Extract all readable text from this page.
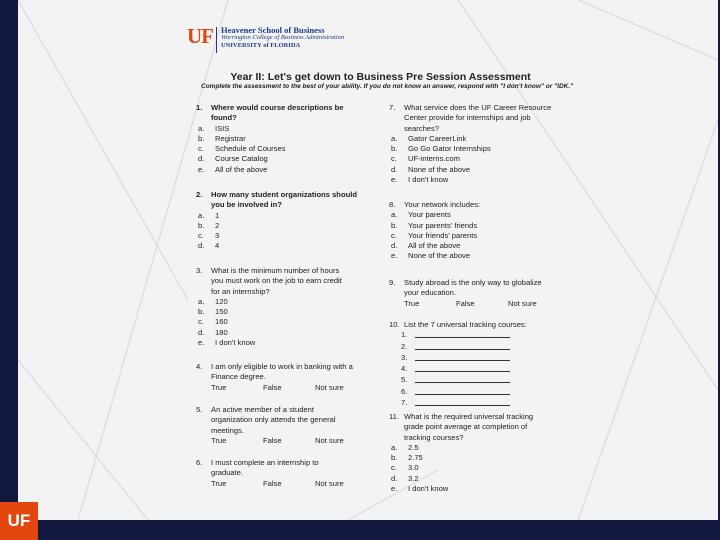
UF Heavener School of Business
Warrington College of Business Administration
UNIVERSITY of FLORIDA
Year II: Let's get down to Business Pre Session Assessment
Complete the assessment to the best of your ability. If you do not know an answer, respond with "I don't know" or "IDK."
1. Where would course descriptions be
found?
a. ISIS
b. Registrar
c. Schedule of Courses
d. Course Catalog
e. All of the above
2. How many student organizations should
you be involved in?
a. 1
b. 2
c. 3
d. 4
3. What is the minimum number of hours
you must work on the job to earn credit
for an internship?
a. 120
b. 150
c. 160
d. 180
e. I don't know
4. I am only eligible to work in banking with a
Finance degree.
True	False	Not sure
5. An active member of a student
organization only attends the general
meetings.
True	False	Not sure
6. I must complete an internship to
graduate.
True	False	Not sure
7. What service does the UF Career Resource
Center provide for internships and job
searches?
a. Gator CareerLink
b. Go Go Gator Internships
c. UF-interns.com
d. None of the above
e. I don't know
8. Your network includes:
a. Your parents
b. Your parents' friends
c. Your friends' parents
d. All of the above
e. None of the above
9. Study abroad is the only way to globalize
your education.
True	False	Not sure
10. List the 7 universal tracking courses:
1.
2.
3.
4.
5.
6.
7.
11. What is the required universal tracking
grade point average at completion of
tracking courses?
a. 2.5
b. 2.75
c. 3.0
d. 3.2
e. I don't know
UF
